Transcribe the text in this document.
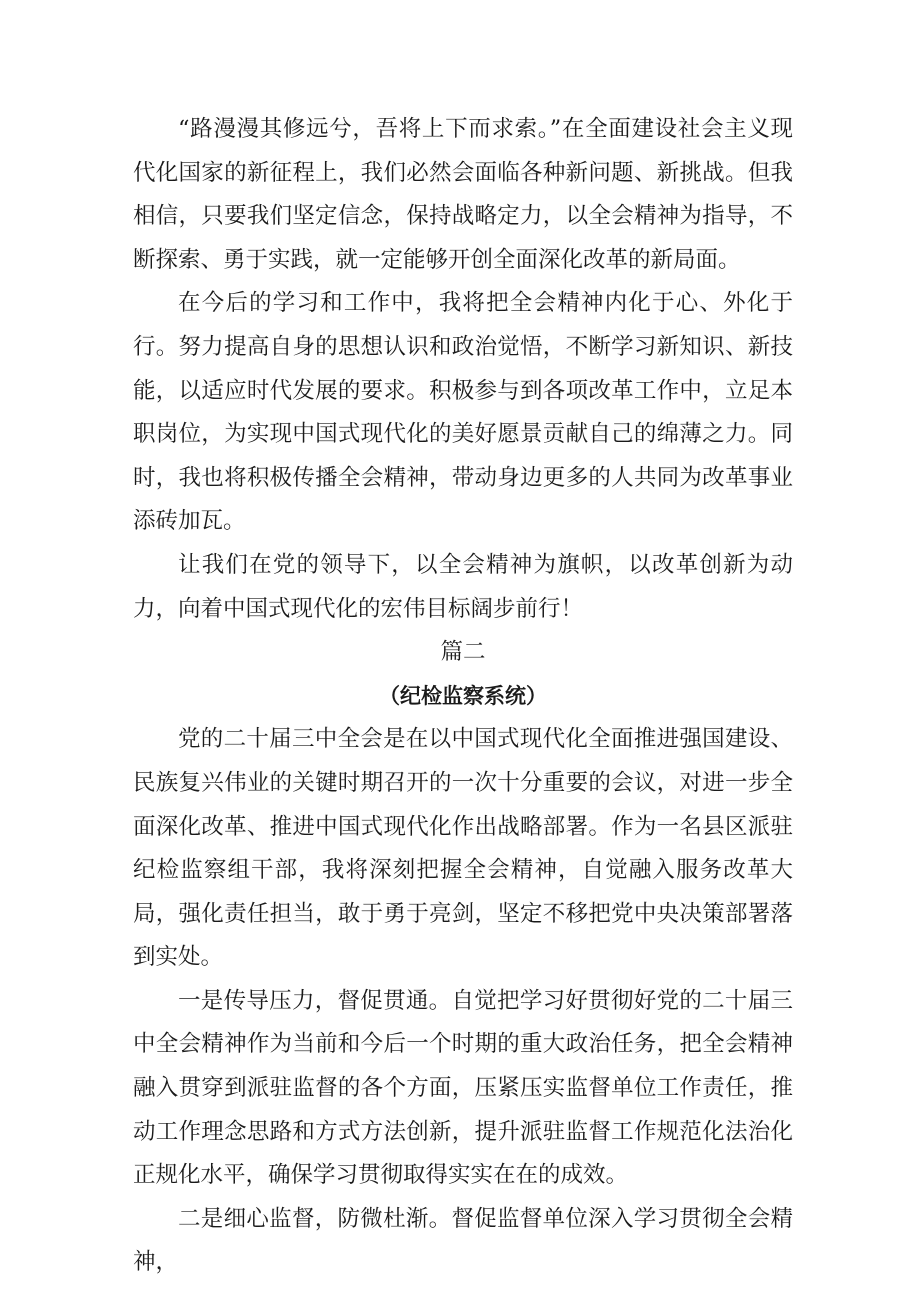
“路漫漫其修远兮，吾将上下而求索。”在全面建设社会主义现代化国家的新征程上，我们必然会面临各种新问题、新挑战。但我相信，只要我们坚定信念，保持战略定力，以全会精神为指导，不断探索、勇于实践，就一定能够开创全面深化改革的新局面。

在今后的学习和工作中，我将把全会精神内化于心、外化于行。努力提高自身的思想认识和政治觉悟，不断学习新知识、新技能，以适应时代发展的要求。积极参与到各项改革工作中，立足本职岗位，为实现中国式现代化的美好愿景贡献自己的绵薄之力。同时，我也将积极传播全会精神，带动身边更多的人共同为改革事业添砖加瓦。

让我们在党的领导下，以全会精神为旗帜，以改革创新为动力，向着中国式现代化的宏伟目标阔步前行！

篇二

（纪检监察系统）

党的二十届三中全会是在以中国式现代化全面推进强国建设、民族复兴伟业的关键时期召开的一次十分重要的会议，对进一步全面深化改革、推进中国式现代化作出战略部署。作为一名县区派驻纪检监察组干部，我将深刻把握全会精神，自觉融入服务改革大局，强化责任担当，敢于勇于亮剑，坚定不移把党中央决策部署落到实处。

一是传导压力，督促贯通。自觉把学习好贯彻好党的二十届三中全会精神作为当前和今后一个时期的重大政治任务，把全会精神融入贯穿到派驻监督的各个方面，压紧压实监督单位工作责任，推动工作理念思路和方式方法创新，提升派驻监督工作规范化法治化正规化水平，确保学习贯彻取得实实在在的成效。

二是细心监督，防微杜渐。督促监督单位深入学习贯彻全会精神，
